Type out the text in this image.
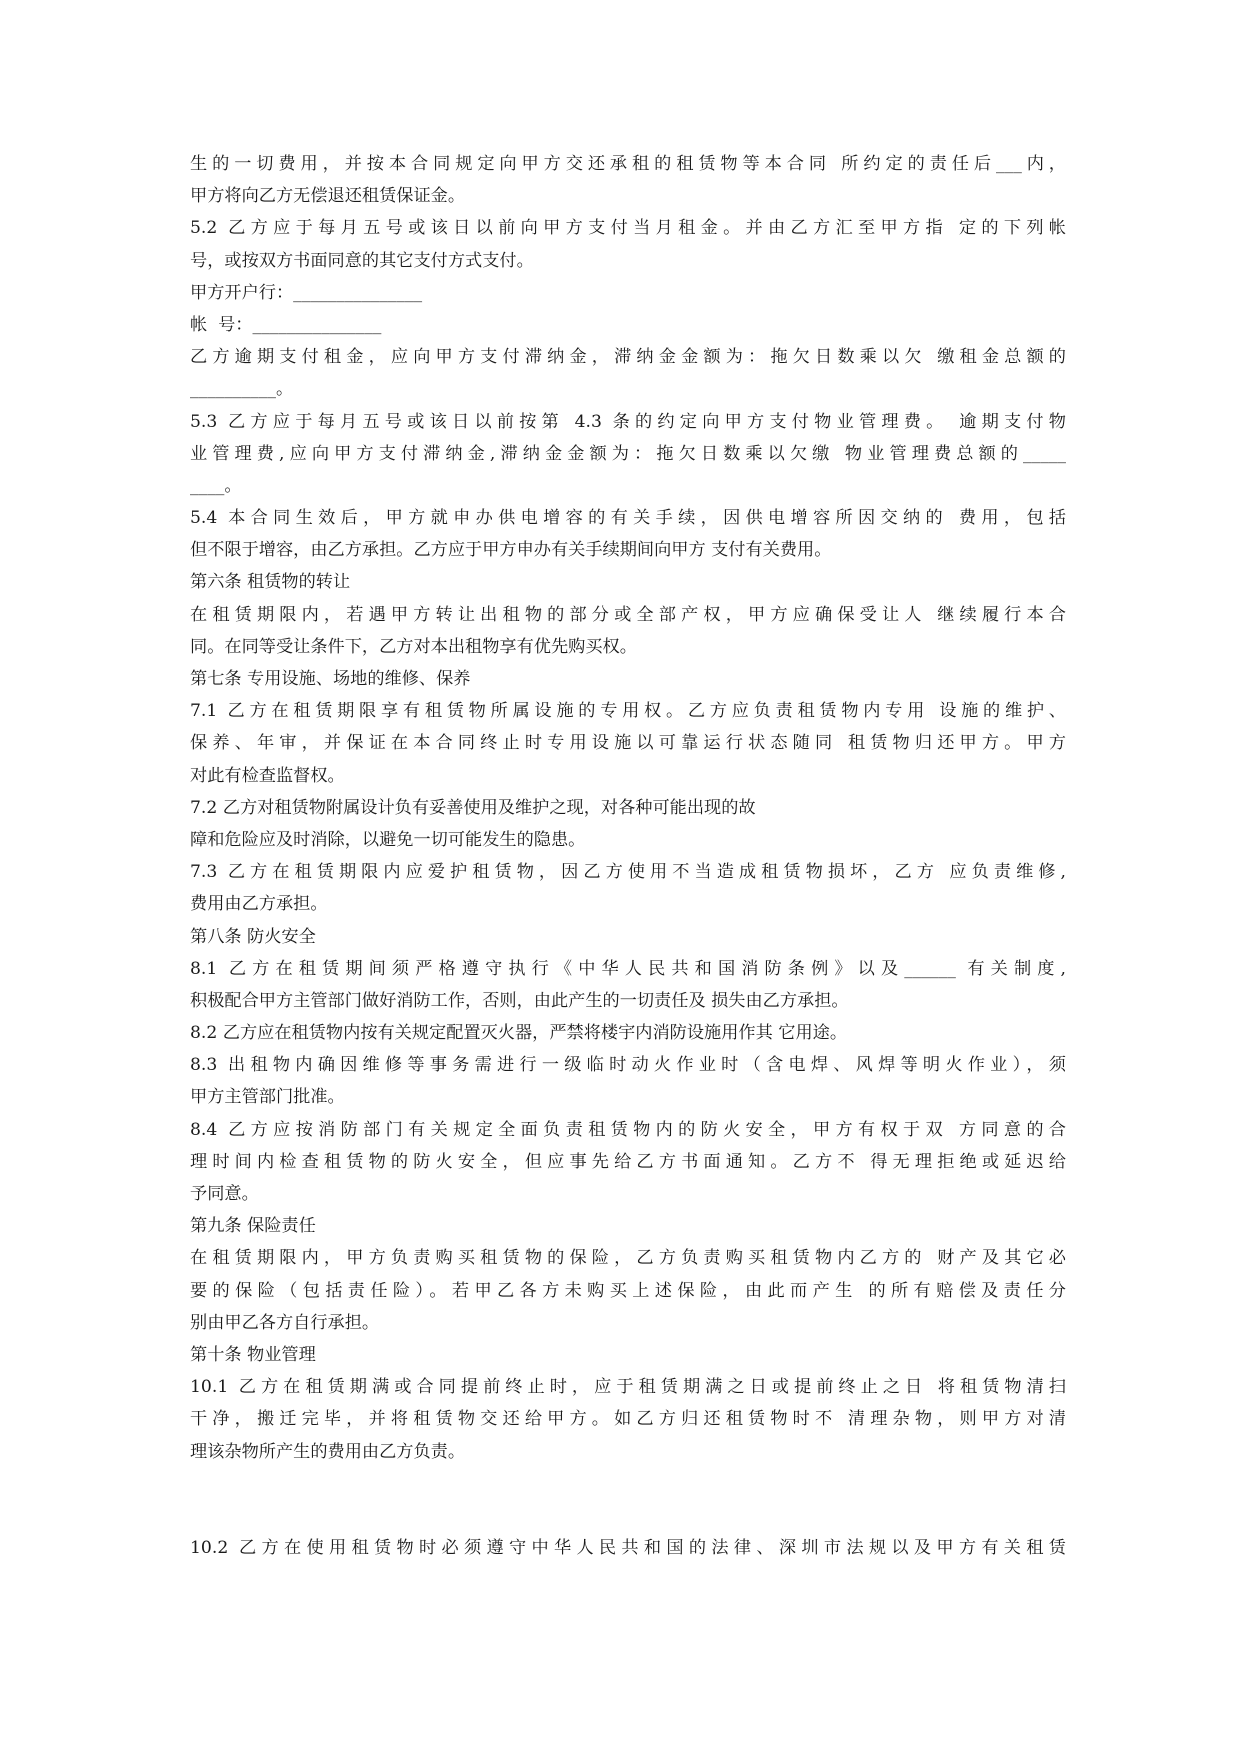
生的一切费用，并按本合同规定向甲方交还承租的租赁物等本合同 所约定的责任后___内，
甲方将向乙方无偿退还租赁保证金。
5.2 乙方应于每月五号或该日以前向甲方支付当月租金。并由乙方汇至甲方指 定的下列帐
号，或按双方书面同意的其它支付方式支付。
甲方开户行：_______________
帐  号：_______________
乙方逾期支付租金，应向甲方支付滞纳金，滞纳金金额为：拖欠日数乘以欠 缴租金总额的
__________。
5.3 乙方应于每月五号或该日以前按第 4.3 条的约定向甲方支付物业管理费。 逾期支付物
业管理费,应向甲方支付滞纳金,滞纳金金额为：拖欠日数乘以欠缴 物业管理费总额的_____
____。
5.4 本合同生效后，甲方就申办供电增容的有关手续，因供电增容所因交纳的 费用，包括
但不限于增容，由乙方承担。乙方应于甲方申办有关手续期间向甲方 支付有关费用。
第六条 租赁物的转让
在租赁期限内，若遇甲方转让出租物的部分或全部产权，甲方应确保受让人 继续履行本合
同。在同等受让条件下，乙方对本出租物享有优先购买权。
第七条 专用设施、场地的维修、保养
7.1 乙方在租赁期限享有租赁物所属设施的专用权。乙方应负责租赁物内专用 设施的维护、
保养、年审，并保证在本合同终止时专用设施以可靠运行状态随同 租赁物归还甲方。甲方
对此有检查监督权。
7.2 乙方对租赁物附属设计负有妥善使用及维护之现，对各种可能出现的故
障和危险应及时消除，以避免一切可能发生的隐患。
7.3 乙方在租赁期限内应爱护租赁物，因乙方使用不当造成租赁物损坏，乙方 应负责维修,
费用由乙方承担。
第八条 防火安全
8.1 乙方在租赁期间须严格遵守执行《中华人民共和国消防条例》以及______ 有关制度,
积极配合甲方主管部门做好消防工作，否则，由此产生的一切责任及 损失由乙方承担。
8.2 乙方应在租赁物内按有关规定配置灭火器，严禁将楼宇内消防设施用作其 它用途。
8.3 出租物内确因维修等事务需进行一级临时动火作业时（含电焊、风焊等明火作业），须
甲方主管部门批准。
8.4 乙方应按消防部门有关规定全面负责租赁物内的防火安全，甲方有权于双 方同意的合
理时间内检查租赁物的防火安全，但应事先给乙方书面通知。乙方不 得无理拒绝或延迟给
予同意。
第九条 保险责任
在租赁期限内，甲方负责购买租赁物的保险，乙方负责购买租赁物内乙方的 财产及其它必
要的保险（包括责任险）。若甲乙各方未购买上述保险，由此而产生 的所有赔偿及责任分
别由甲乙各方自行承担。
第十条 物业管理
10.1 乙方在租赁期满或合同提前终止时，应于租赁期满之日或提前终止之日 将租赁物清扫
干净，搬迁完毕，并将租赁物交还给甲方。如乙方归还租赁物时不 清理杂物，则甲方对清
理该杂物所产生的费用由乙方负责。
10.2 乙方在使用租赁物时必须遵守中华人民共和国的法律、深圳市法规以及甲方有关租赁
